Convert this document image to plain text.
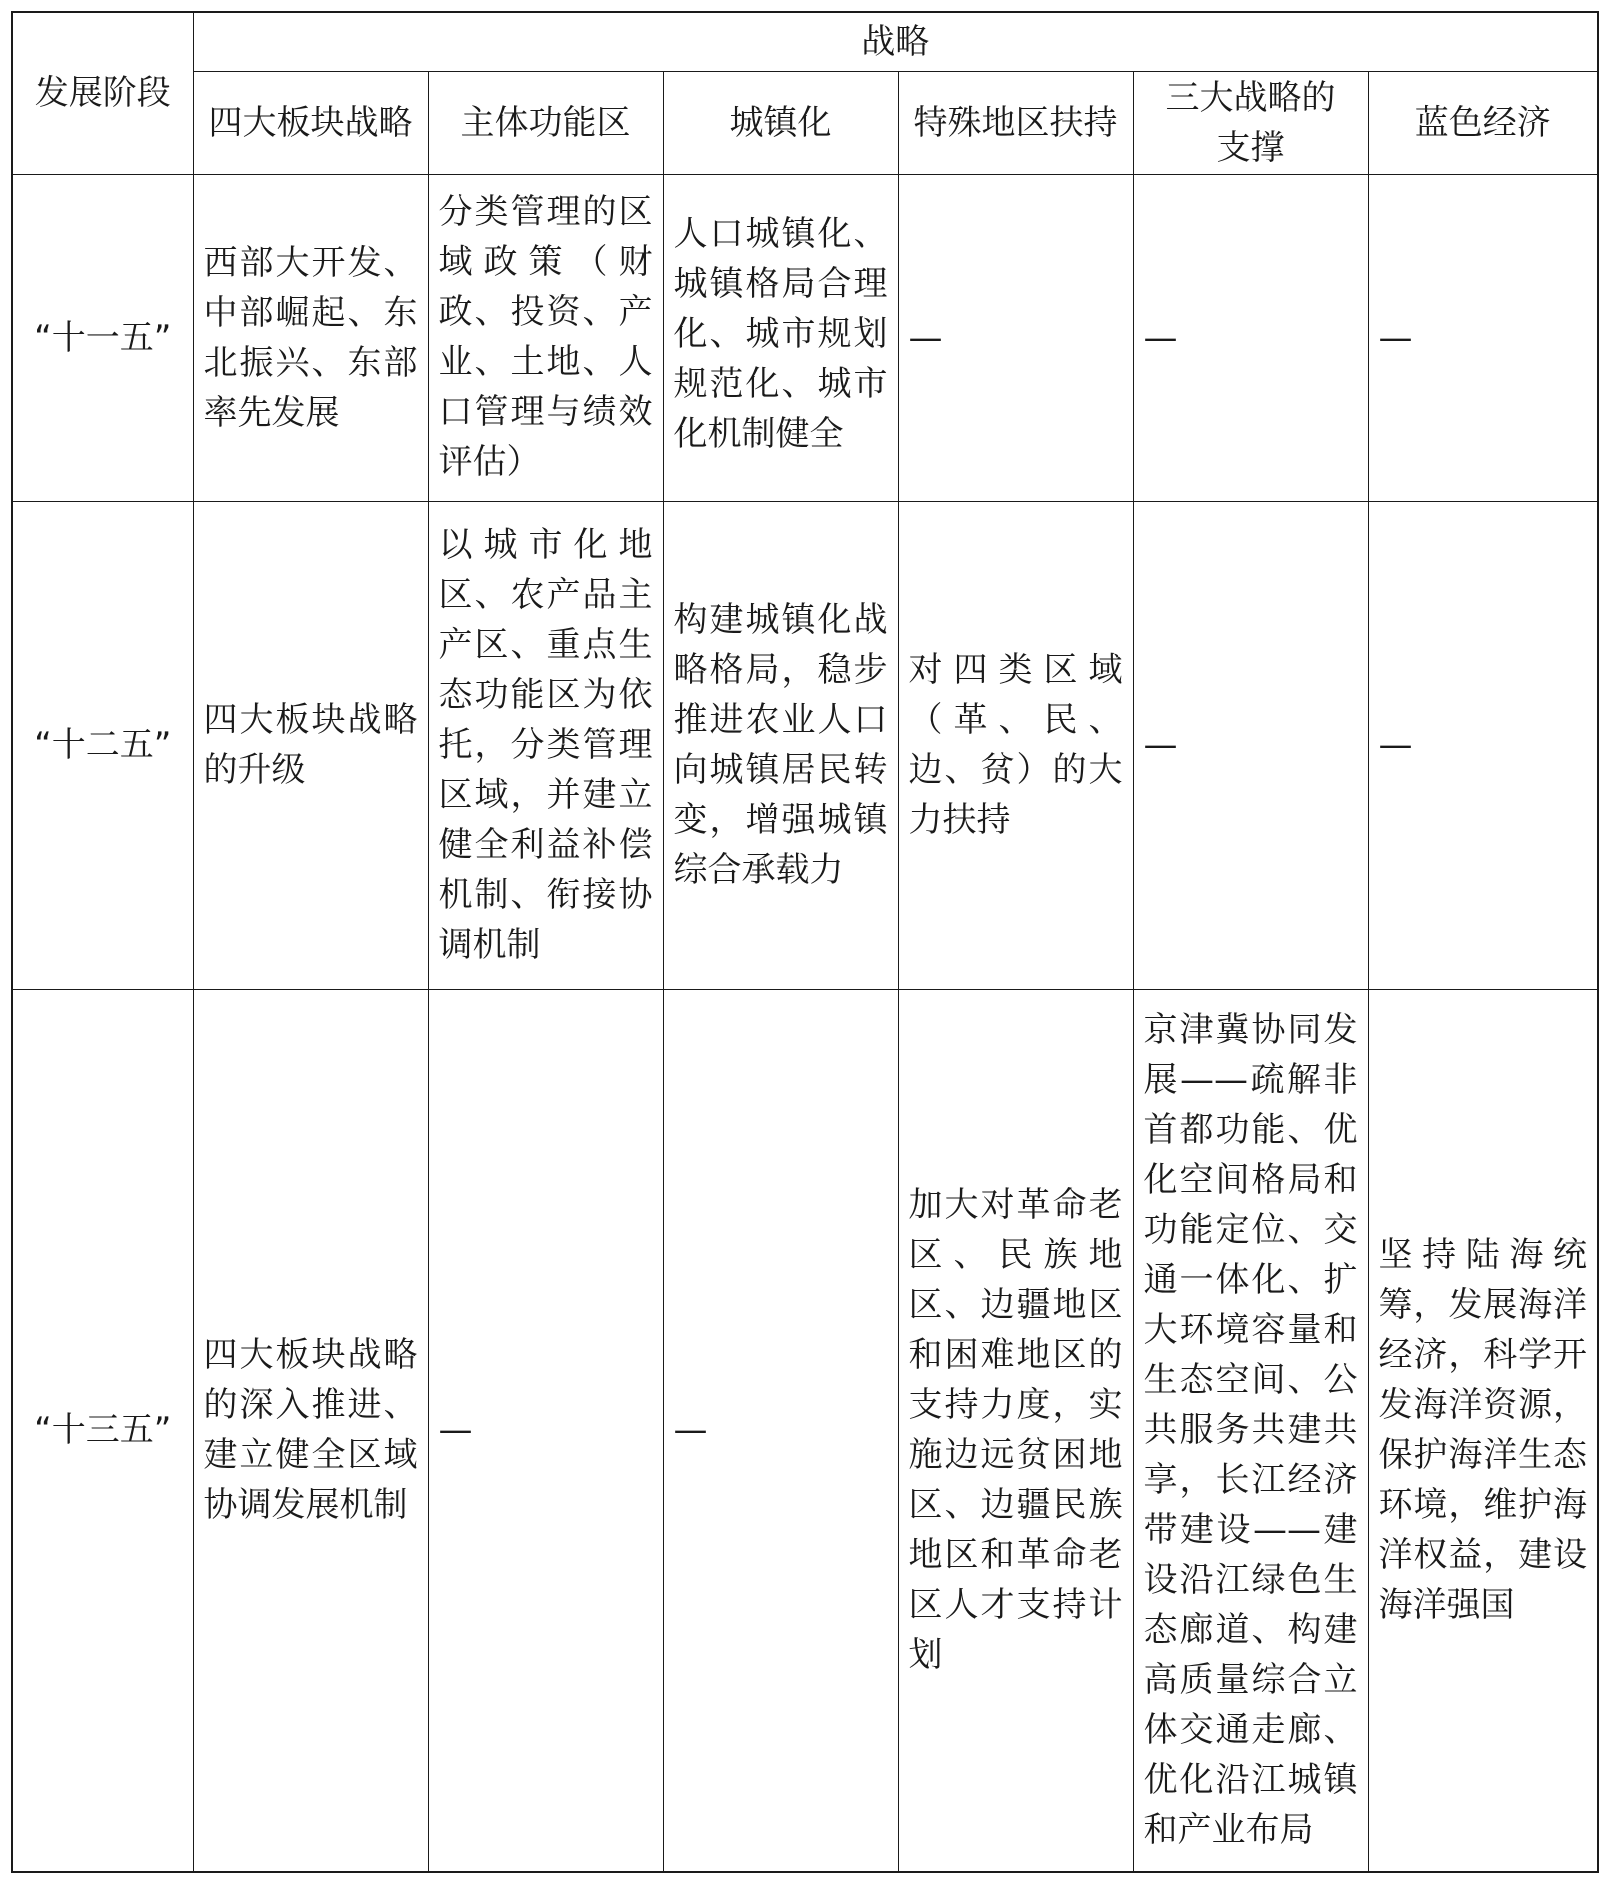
发展阶段	战略					
	四大板块战略	主体功能区	城镇化	特殊地区扶持	三大战略的支撑	蓝色经济
“十一五”	西部大开发、中部崛起、东北振兴、东部率先发展	分类管理的区域政策（财政、投资、产业、土地、人口管理与绩效评估）	人口城镇化、城镇格局合理化、城市规划规范化、城市化机制健全	—	—	—
“十二五”	四大板块战略的升级	以城市化地区、农产品主产区、重点生态功能区为依托，分类管理区域，并建立健全利益补偿机制、衔接协调机制	构建城镇化战略格局，稳步推进农业人口向城镇居民转变，增强城镇综合承载力	对四类区域（革、民、边、贫）的大力扶持	—	—
“十三五”	四大板块战略的深入推进、建立健全区域协调发展机制	—	—	加大对革命老区、民族地区、边疆地区和困难地区的支持力度，实施边远贫困地区、边疆民族地区和革命老区人才支持计划	京津冀协同发展——疏解非首都功能、优化空间格局和功能定位、交通一体化、扩大环境容量和生态空间、公共服务共建共享，长江经济带建设——建设沿江绿色生态廊道、构建高质量综合立体交通走廊、优化沿江城镇和产业布局	坚持陆海统筹，发展海洋经济，科学开发海洋资源，保护海洋生态环境，维护海洋权益，建设海洋强国
